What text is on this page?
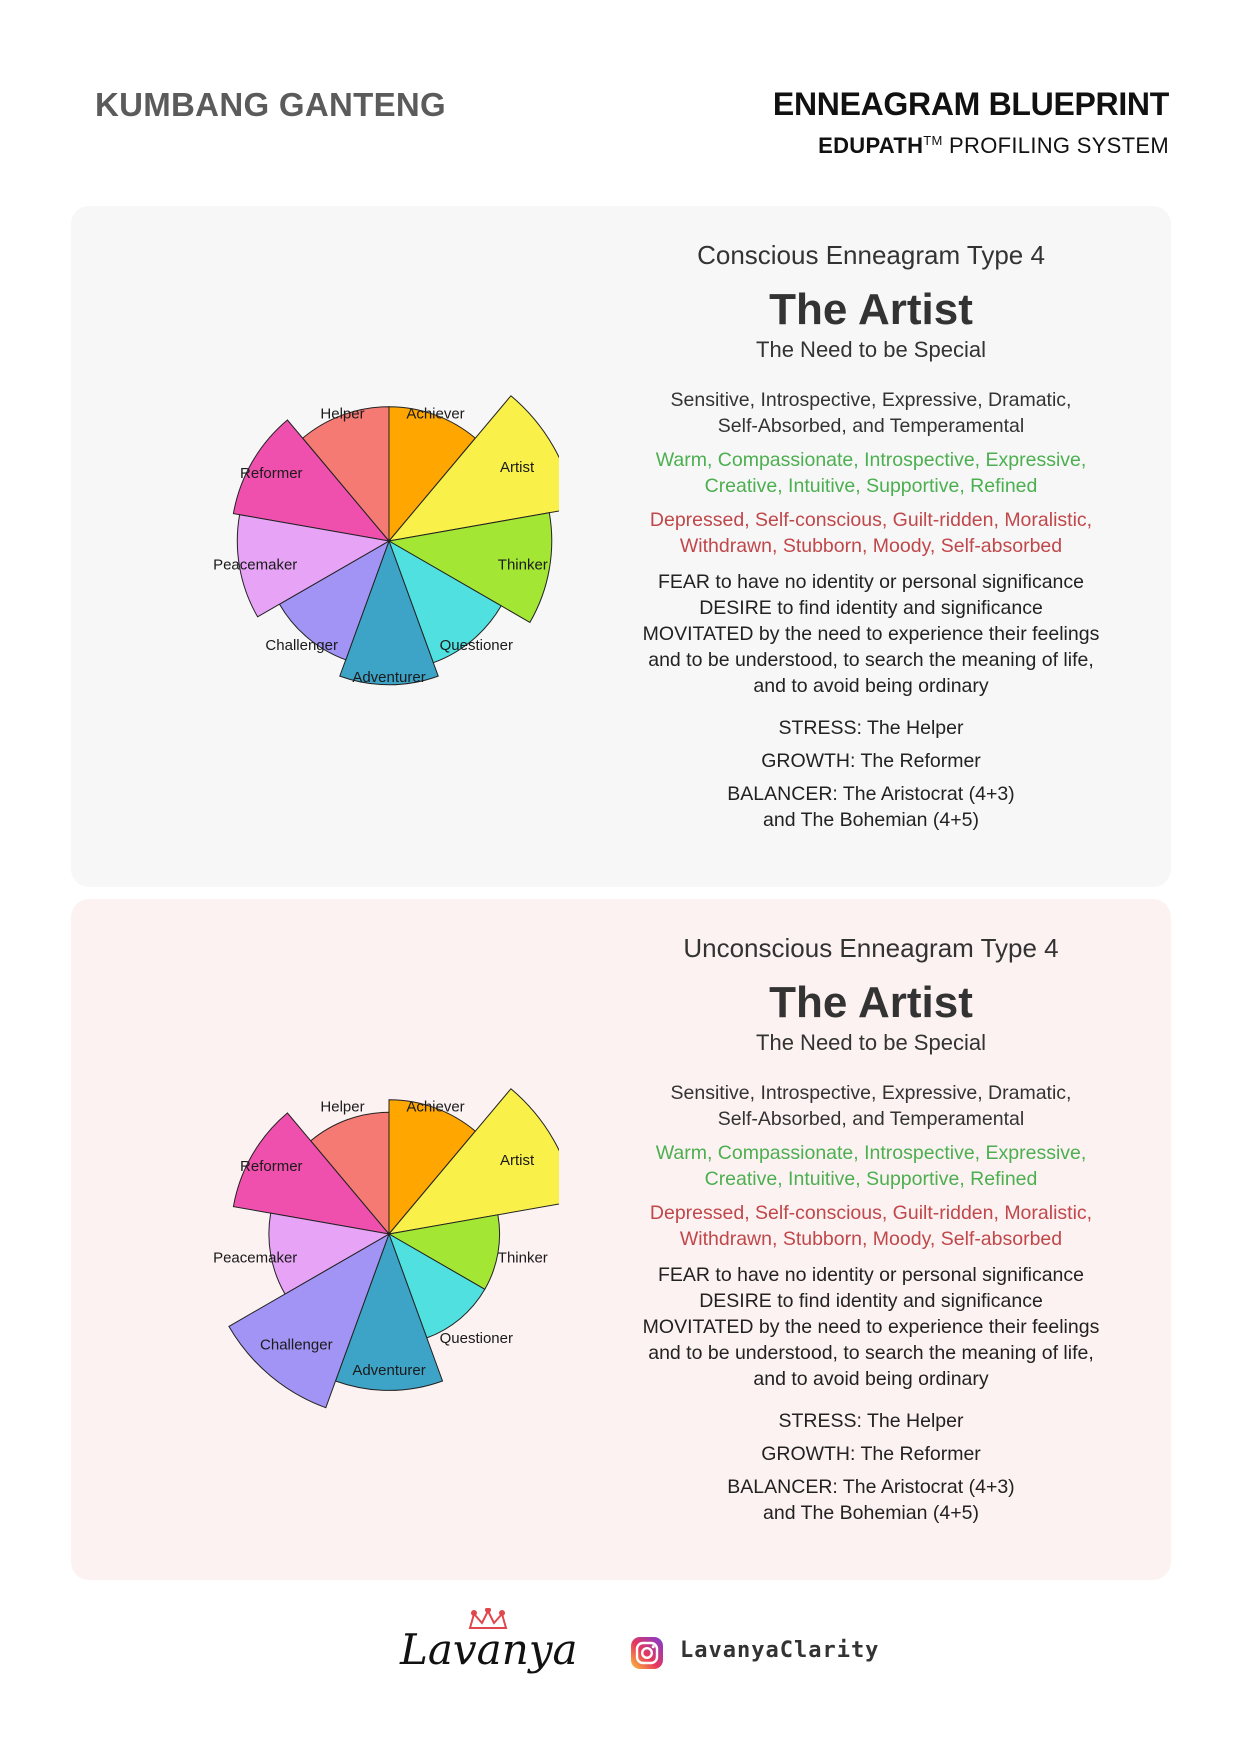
KUMBANG GANTENG	ENNEAGRAM BLUEPRINT
EDUPATH™ PROFILING SYSTEM
Reformer
Helper	Achiever
Artist
Thinker
Questioner
Adventurer
Challenger
Peacemaker
Conscious Enneagram Type 4
The Artist
The Need to be Special

Sensitive, Introspective, Expressive, Dramatic,
Self-Absorbed, and Temperamental

Warm, Compassionate, Introspective, Expressive,
Creative, Intuitive, Supportive, Refined

Depressed, Self-conscious, Guilt-ridden, Moralistic,
Withdrawn, Stubborn, Moody, Self-absorbed

FEAR to have no identity or personal significance
DESIRE to find identity and significance
MOVITATED by the need to experience their feelings
and to be understood, to search the meaning of life,
and to avoid being ordinary

STRESS: The Helper

GROWTH: The Reformer

BALANCER: The Aristocrat (4+3)
and The Bohemian (4+5)

Reformer
Helper	Achiever
Artist
Thinker
Questioner
Adventurer
Challenger
Peacemaker
Unconscious Enneagram Type 4
The Artist
The Need to be Special

Sensitive, Introspective, Expressive, Dramatic,
Self-Absorbed, and Temperamental

Warm, Compassionate, Introspective, Expressive,
Creative, Intuitive, Supportive, Refined

Depressed, Self-conscious, Guilt-ridden, Moralistic,
Withdrawn, Stubborn, Moody, Self-absorbed

FEAR to have no identity or personal significance
DESIRE to find identity and significance
MOVITATED by the need to experience their feelings
and to be understood, to search the meaning of life,
and to avoid being ordinary

STRESS: The Helper

GROWTH: The Reformer

BALANCER: The Aristocrat (4+3)
and The Bohemian (4+5)

Lavanya	LavanyaClarity
